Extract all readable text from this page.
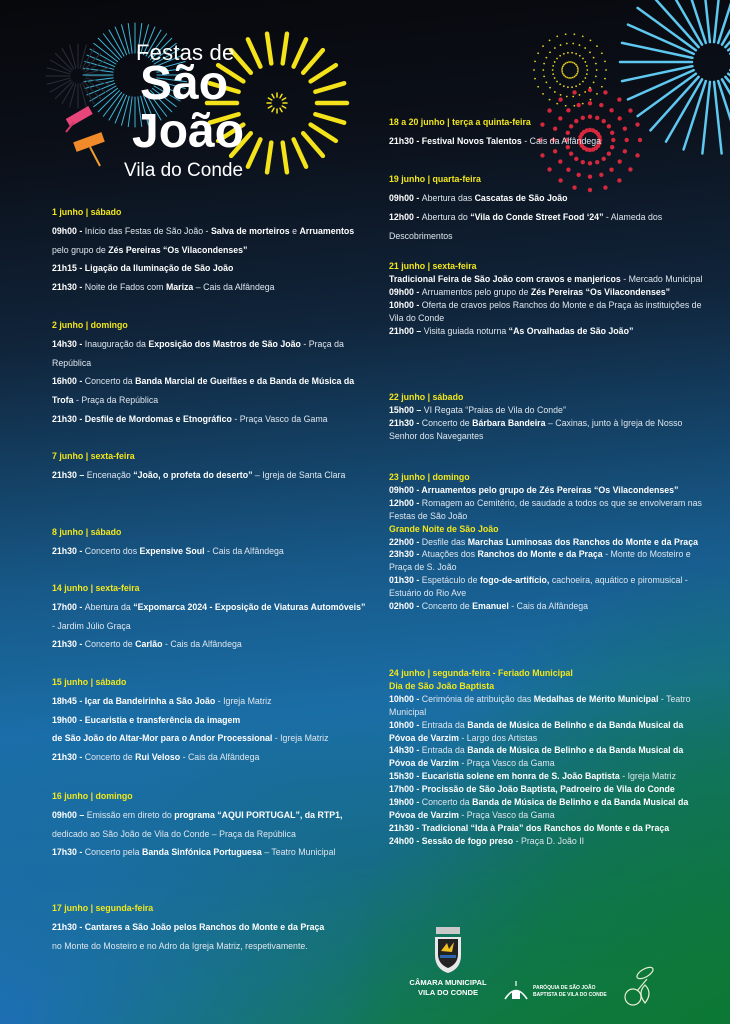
Festas de
São
João
Vila do Conde
1 junho | sábado
09h00 - Início das Festas de São João - Salva de morteiros e Arruamentos pelo grupo de Zés Pereiras “Os Vilacondenses”
21h15 - Ligação da Iluminação de São João
21h30 - Noite de Fados com Mariza – Cais da Alfândega
2 junho | domingo
14h30 - Inauguração da Exposição dos Mastros de São João - Praça da República
16h00 - Concerto da Banda Marcial de Gueifães e da Banda de Música da Trofa - Praça da República
21h30 - Desfile de Mordomas e Etnográfico - Praça Vasco da Gama
7 junho | sexta-feira
21h30 – Encenação “João, o profeta do deserto” – Igreja de Santa Clara
8 junho | sábado
21h30 - Concerto dos Expensive Soul - Cais da Alfândega
14 junho | sexta-feira
17h00 - Abertura da “Expomarca 2024 - Exposição de Viaturas Automóveis” - Jardim Júlio Graça
21h30 - Concerto de Carlão - Cais da Alfândega
15 junho | sábado
18h45 - Içar da Bandeirinha a São João - Igreja Matriz
19h00 - Eucaristia e transferência da imagem
de São João do Altar-Mor para o Andor Processional - Igreja Matriz
21h30 - Concerto de Rui Veloso - Cais da Alfândega
16 junho | domingo
09h00 – Emissão em direto do programa “AQUI PORTUGAL”, da RTP1, dedicado ao São João de Vila do Conde – Praça da República
17h30 - Concerto pela Banda Sinfónica Portuguesa – Teatro Municipal
17 junho | segunda-feira
21h30 - Cantares a São João pelos Ranchos do Monte e da Praça
no Monte do Mosteiro e no Adro da Igreja Matriz, respetivamente.
18 a 20 junho | terça a quinta-feira
21h30 - Festival Novos Talentos - Cais da Alfândega
19 junho | quarta-feira
09h00 - Abertura das Cascatas de São João
12h00 - Abertura do “Vila do Conde Street Food ‘24” - Alameda dos Descobrimentos
21 junho | sexta-feira
Tradicional Feira de São João com cravos e manjericos - Mercado Municipal
09h00 - Arruamentos pelo grupo de Zés Pereiras “Os Vilacondenses”
10h00 - Oferta de cravos pelos Ranchos do Monte e da Praça às instituições de Vila do Conde
21h00 – Visita guiada noturna “As Orvalhadas de São João”
22 junho | sábado
15h00 – VI Regata “Praias de Vila do Conde”
21h30 - Concerto de Bárbara Bandeira – Caxinas, junto à Igreja de Nosso Senhor dos Navegantes
23 junho | domingo
09h00 - Arruamentos pelo grupo de Zés Pereiras “Os Vilacondenses”
12h00 - Romagem ao Cemitério, de saudade a todos os que se envolveram nas Festas de São João
Grande Noite de São João
22h00 - Desfile das Marchas Luminosas dos Ranchos do Monte e da Praça
23h30 - Atuações dos Ranchos do Monte e da Praça - Monte do Mosteiro e Praça de S. João
01h30 - Espetáculo de fogo-de-artifício, cachoeira, aquático e piromusical - Estuário do Rio Ave
02h00 - Concerto de Emanuel - Cais da Alfândega
24 junho | segunda-feira - Feriado Municipal
Dia de São João Baptista
10h00 - Cerimónia de atribuição das Medalhas de Mérito Municipal - Teatro Municipal
10h00 - Entrada da Banda de Música de Belinho e da Banda Musical da Póvoa de Varzim - Largo dos Artistas
14h30 - Entrada da Banda de Música de Belinho e da Banda Musical da Póvoa de Varzim - Praça Vasco da Gama
15h30 - Eucaristia solene em honra de S. João Baptista - Igreja Matriz
17h00 - Procissão de São João Baptista, Padroeiro de Vila do Conde
19h00 - Concerto da Banda de Música de Belinho e da Banda Musical da Póvoa de Varzim - Praça Vasco da Gama
21h30 - Tradicional “Ida à Praia” dos Ranchos do Monte e da Praça
24h00 - Sessão de fogo preso - Praça D. João II
CÂMARA MUNICIPAL
VILA DO CONDE	PARÓQUIA DE SÃO JOÃO
BAPTISTA DE VILA DO CONDE
